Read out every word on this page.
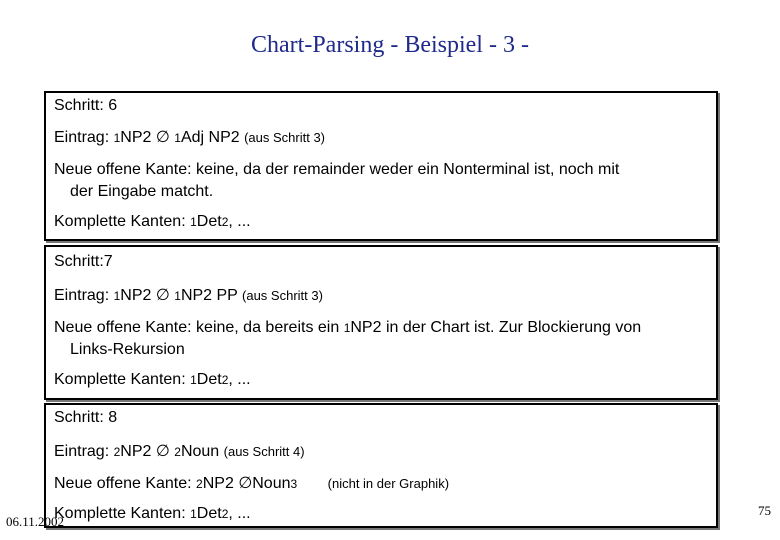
Chart-Parsing - Beispiel - 3 -
Schritt: 6
Eintrag: 1NP2 ∅ 1Adj NP2 (aus Schritt 3)
Neue offene Kante: keine, da der remainder weder ein Nonterminal ist, noch mit
der Eingabe matcht.
Komplette Kanten: 1Det2, ...
Schritt:7
Eintrag: 1NP2 ∅ 1NP2 PP (aus Schritt 3)
Neue offene Kante: keine, da bereits ein 1NP2 in der Chart ist. Zur Blockierung von
Links-Rekursion
Komplette Kanten: 1Det2, ...
Schritt: 8
Eintrag: 2NP2 ∅ 2Noun (aus Schritt 4)
Neue offene Kante: 2NP2 ∅Noun3 (nicht in der Graphik)
Komplette Kanten: 1Det2, ...
06.11.2002
75
